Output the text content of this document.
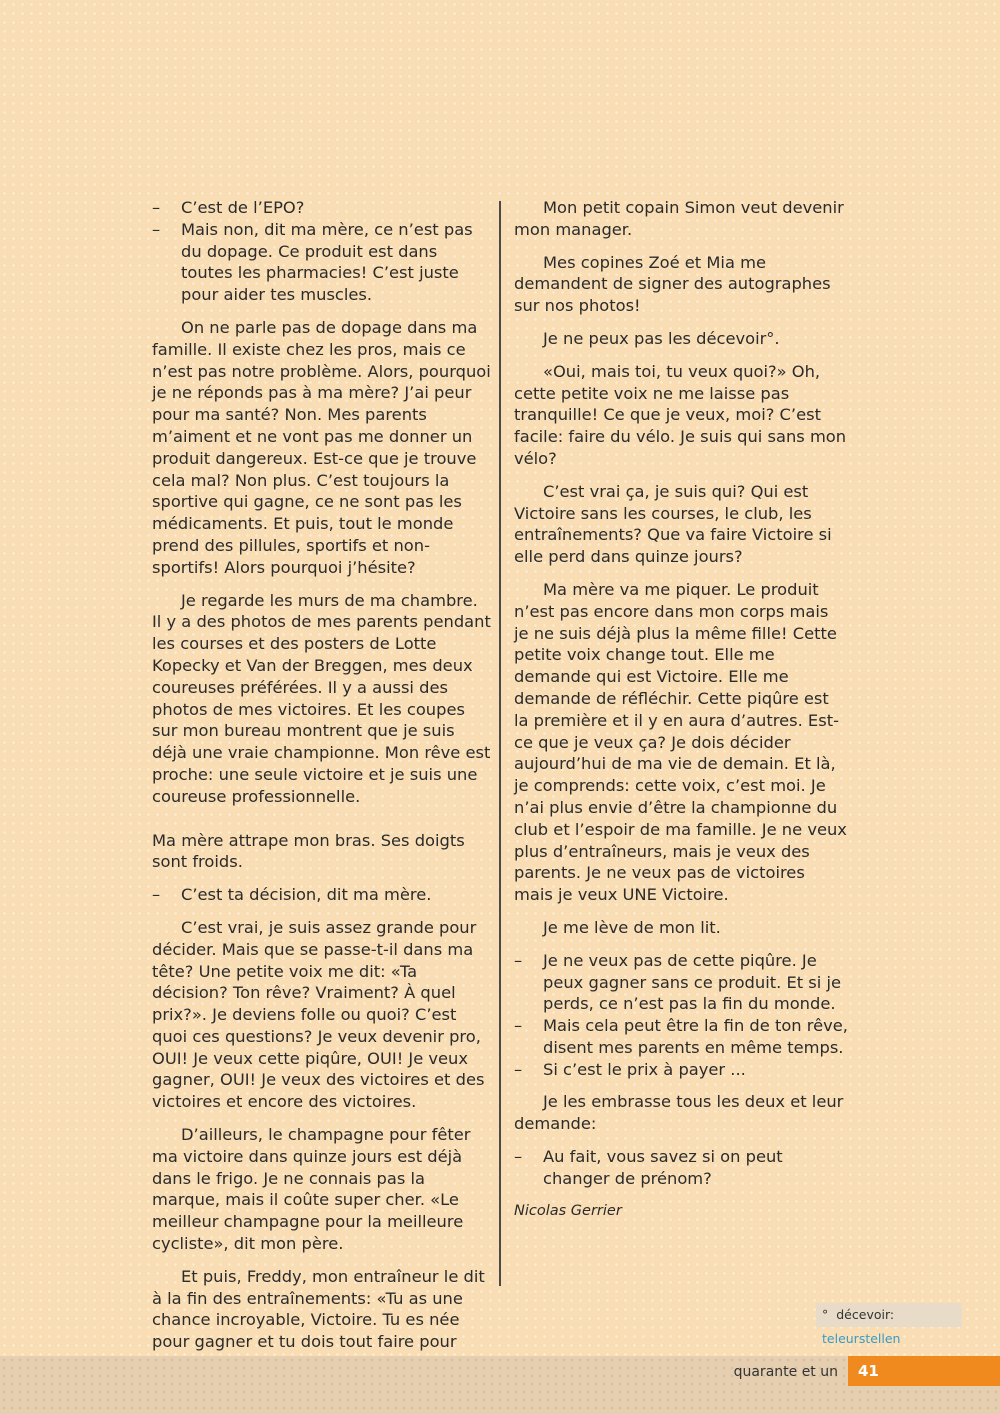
– C’est de l’EPO?

– Mais non, dit ma mère, ce n’est pas du dopage. Ce produit est dans toutes les pharmacies! C’est juste pour aider tes muscles.

On ne parle pas de dopage dans ma famille. Il existe chez les pros, mais ce n’est pas notre problème. Alors, pourquoi je ne réponds pas à ma mère? J’ai peur pour ma santé? Non. Mes parents m’aiment et ne vont pas me donner un produit dangereux. Est-ce que je trouve cela mal? Non plus. C’est toujours la sportive qui gagne, ce ne sont pas les médicaments. Et puis, tout le monde prend des pillules, sportifs et non-sportifs! Alors pourquoi j’hésite?

Je regarde les murs de ma chambre. Il y a des photos de mes parents pendant les courses et des posters de Lotte Kopecky et Van der Breggen, mes deux coureuses préférées. Il y a aussi des photos de mes victoires. Et les coupes sur mon bureau montrent que je suis déjà une vraie championne. Mon rêve est proche: une seule victoire et je suis une coureuse professionnelle.

Ma mère attrape mon bras. Ses doigts sont froids.

– C’est ta décision, dit ma mère.

C’est vrai, je suis assez grande pour décider. Mais que se passe-t-il dans ma tête? Une petite voix me dit: «Ta décision? Ton rêve? Vraiment? À quel prix?». Je deviens folle ou quoi? C’est quoi ces questions? Je veux devenir pro, OUI! Je veux cette piqûre, OUI! Je veux gagner, OUI! Je veux des victoires et des victoires et encore des victoires.

D’ailleurs, le champagne pour fêter ma victoire dans quinze jours est déjà dans le frigo. Je ne connais pas la marque, mais il coûte super cher. «Le meilleur champagne pour la meilleure cycliste», dit mon père.

Et puis, Freddy, mon entraîneur le dit à la fin des entraînements: «Tu as une chance incroyable, Victoire. Tu es née pour gagner et tu dois tout faire pour

Mon petit copain Simon veut devenir mon manager.

Mes copines Zoé et Mia me demandent de signer des autographes sur nos photos!

Je ne peux pas les décevoir°.

«Oui, mais toi, tu veux quoi?» Oh, cette petite voix ne me laisse pas tranquille! Ce que je veux, moi? C’est facile: faire du vélo. Je suis qui sans mon vélo?

C’est vrai ça, je suis qui? Qui est Victoire sans les courses, le club, les entraînements? Que va faire Victoire si elle perd dans quinze jours?

Ma mère va me piquer. Le produit n’est pas encore dans mon corps mais je ne suis déjà plus la même fille! Cette petite voix change tout. Elle me demande qui est Victoire. Elle me demande de réfléchir. Cette piqûre est la première et il y en aura d’autres. Est-ce que je veux ça? Je dois décider aujourd’hui de ma vie de demain. Et là, je comprends: cette voix, c’est moi. Je n’ai plus envie d’être la championne du club et l’espoir de ma famille. Je ne veux plus d’entraîneurs, mais je veux des parents. Je ne veux pas de victoires mais je veux UNE Victoire.

Je me lève de mon lit.

– Je ne veux pas de cette piqûre. Je peux gagner sans ce produit. Et si je perds, ce n’est pas la fin du monde.

– Mais cela peut être la fin de ton rêve, disent mes parents en même temps.

– Si c’est le prix à payer ...

Je les embrasse tous les deux et leur demande:

– Au fait, vous savez si on peut changer de prénom?

Nicolas Gerrier

° décevoir: teleurstellen
quarante et un	41
